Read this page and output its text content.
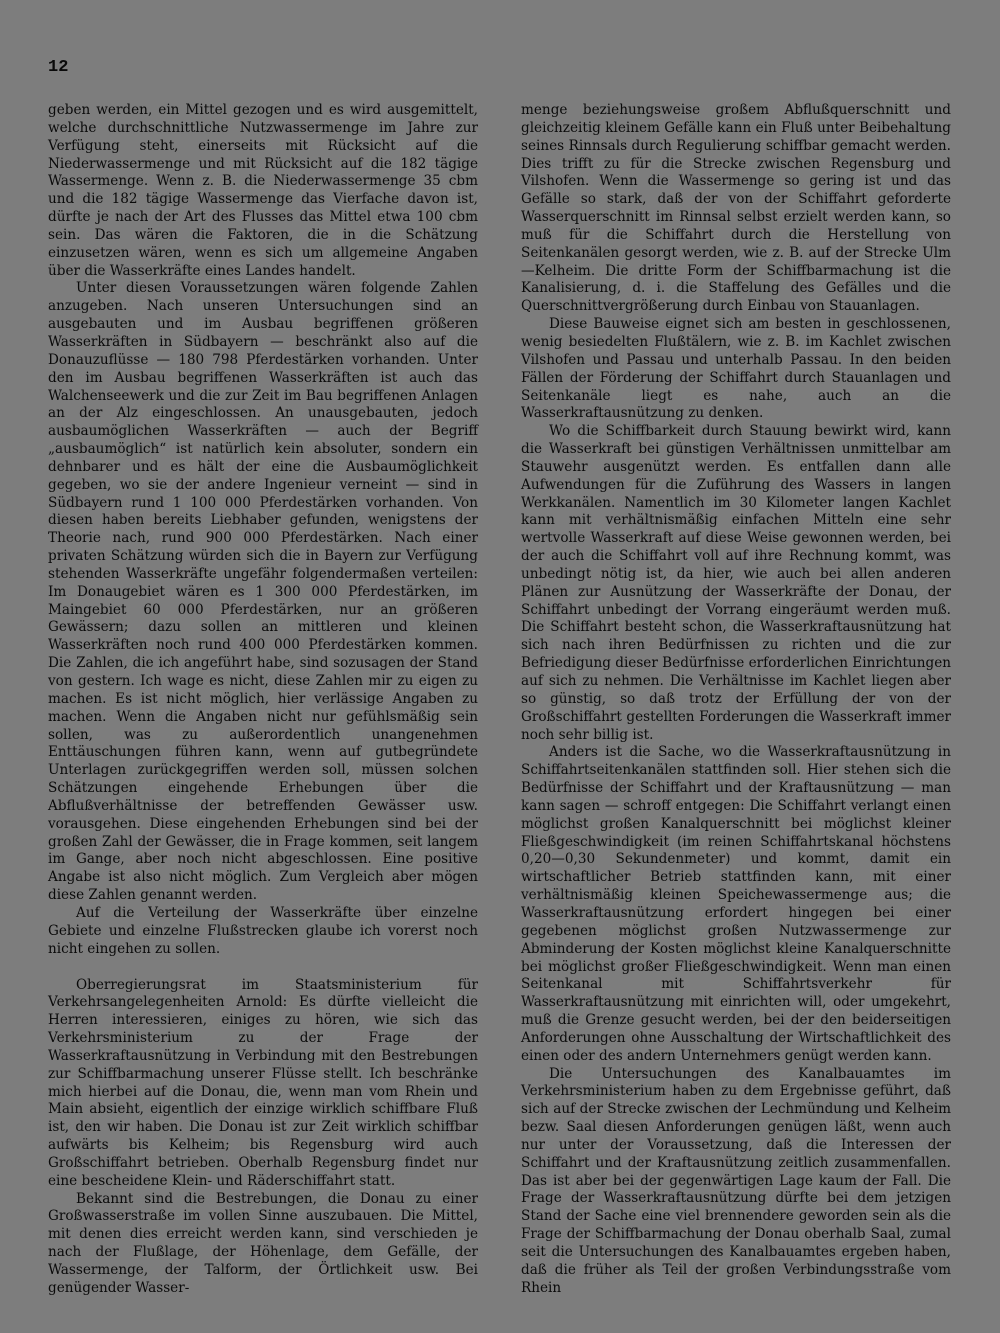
12

geben werden, ein Mittel gezogen und es wird ausgemittelt, welche durchschnittliche Nutzwassermenge im Jahre zur Verfügung steht, einerseits mit Rücksicht auf die Niederwassermenge und mit Rücksicht auf die 182 tägige Wassermenge. Wenn z. B. die Niederwassermenge 35 cbm und die 182 tägige Wassermenge das Vierfache davon ist, dürfte je nach der Art des Flusses das Mittel etwa 100 cbm sein. Das wären die Faktoren, die in die Schätzung einzusetzen wären, wenn es sich um allgemeine Angaben über die Wasserkräfte eines Landes handelt.

Unter diesen Voraussetzungen wären folgende Zahlen anzugeben. Nach unseren Untersuchungen sind an ausgebauten und im Ausbau begriffenen größeren Wasserkräften in Südbayern — beschränkt also auf die Donauzuflüsse — 180 798 Pferdestärken vorhanden. Unter den im Ausbau begriffenen Wasserkräften ist auch das Walchenseewerk und die zur Zeit im Bau begriffenen Anlagen an der Alz eingeschlossen. An unausgebauten, jedoch ausbaumöglichen Wasserkräften — auch der Begriff „ausbaumöglich“ ist natürlich kein absoluter, sondern ein dehnbarer und es hält der eine die Ausbaumöglichkeit gegeben, wo sie der andere Ingenieur verneint — sind in Südbayern rund 1 100 000 Pferdestärken vorhanden. Von diesen haben bereits Liebhaber gefunden, wenigstens der Theorie nach, rund 900 000 Pferdestärken. Nach einer privaten Schätzung würden sich die in Bayern zur Verfügung stehenden Wasserkräfte ungefähr folgendermaßen verteilen: Im Donaugebiet wären es 1 300 000 Pferdestärken, im Maingebiet 60 000 Pferdestärken, nur an größeren Gewässern; dazu sollen an mittleren und kleinen Wasserkräften noch rund 400 000 Pferdestärken kommen. Die Zahlen, die ich angeführt habe, sind sozusagen der Stand von gestern. Ich wage es nicht, diese Zahlen mir zu eigen zu machen. Es ist nicht möglich, hier verlässige Angaben zu machen. Wenn die Angaben nicht nur gefühlsmäßig sein sollen, was zu außerordentlich unangenehmen Enttäuschungen führen kann, wenn auf gutbegründete Unterlagen zurückgegriffen werden soll, müssen solchen Schätzungen eingehende Erhebungen über die Abflußverhältnisse der betreffenden Gewässer usw. vorausgehen. Diese eingehenden Erhebungen sind bei der großen Zahl der Gewässer, die in Frage kommen, seit langem im Gange, aber noch nicht abgeschlossen. Eine positive Angabe ist also nicht möglich. Zum Vergleich aber mögen diese Zahlen genannt werden.

Auf die Verteilung der Wasserkräfte über einzelne Gebiete und einzelne Flußstrecken glaube ich vorerst noch nicht eingehen zu sollen.

Oberregierungsrat im Staatsministerium für Verkehrsangelegenheiten Arnold: Es dürfte vielleicht die Herren interessieren, einiges zu hören, wie sich das Verkehrsministerium zu der Frage der Wasserkraftausnützung in Verbindung mit den Bestrebungen zur Schiffbarmachung unserer Flüsse stellt. Ich beschränke mich hierbei auf die Donau, die, wenn man vom Rhein und Main absieht, eigentlich der einzige wirklich schiffbare Fluß ist, den wir haben. Die Donau ist zur Zeit wirklich schiffbar aufwärts bis Kelheim; bis Regensburg wird auch Großschiffahrt betrieben. Oberhalb Regensburg findet nur eine bescheidene Klein- und Räderschiffahrt statt.

Bekannt sind die Bestrebungen, die Donau zu einer Großwasserstraße im vollen Sinne auszubauen. Die Mittel, mit denen dies erreicht werden kann, sind verschieden je nach der Flußlage, der Höhenlage, dem Gefälle, der Wassermenge, der Talform, der Örtlichkeit usw. Bei genügender Wasser-

menge beziehungsweise großem Abflußquerschnitt und gleichzeitig kleinem Gefälle kann ein Fluß unter Beibehaltung seines Rinnsals durch Regulierung schiffbar gemacht werden. Dies trifft zu für die Strecke zwischen Regensburg und Vilshofen. Wenn die Wassermenge so gering ist und das Gefälle so stark, daß der von der Schiffahrt geforderte Wasserquerschnitt im Rinnsal selbst erzielt werden kann, so muß für die Schiffahrt durch die Herstellung von Seitenkanälen gesorgt werden, wie z. B. auf der Strecke Ulm—Kelheim. Die dritte Form der Schiffbarmachung ist die Kanalisierung, d. i. die Staffelung des Gefälles und die Querschnittvergrößerung durch Einbau von Stauanlagen.

Diese Bauweise eignet sich am besten in geschlossenen, wenig besiedelten Flußtälern, wie z. B. im Kachlet zwischen Vilshofen und Passau und unterhalb Passau. In den beiden Fällen der Förderung der Schiffahrt durch Stauanlagen und Seitenkanäle liegt es nahe, auch an die Wasserkraftausnützung zu denken.

Wo die Schiffbarkeit durch Stauung bewirkt wird, kann die Wasserkraft bei günstigen Verhältnissen unmittelbar am Stauwehr ausgenützt werden. Es entfallen dann alle Aufwendungen für die Zuführung des Wassers in langen Werkkanälen. Namentlich im 30 Kilometer langen Kachlet kann mit verhältnismäßig einfachen Mitteln eine sehr wertvolle Wasserkraft auf diese Weise gewonnen werden, bei der auch die Schiffahrt voll auf ihre Rechnung kommt, was unbedingt nötig ist, da hier, wie auch bei allen anderen Plänen zur Ausnützung der Wasserkräfte der Donau, der Schiffahrt unbedingt der Vorrang eingeräumt werden muß. Die Schiffahrt besteht schon, die Wasserkraftausnützung hat sich nach ihren Bedürfnissen zu richten und die zur Befriedigung dieser Bedürfnisse erforderlichen Einrichtungen auf sich zu nehmen. Die Verhältnisse im Kachlet liegen aber so günstig, so daß trotz der Erfüllung der von der Großschiffahrt gestellten Forderungen die Wasserkraft immer noch sehr billig ist.

Anders ist die Sache, wo die Wasserkraftausnützung in Schiffahrtseitenkanälen stattfinden soll. Hier stehen sich die Bedürfnisse der Schiffahrt und der Kraftausnützung — man kann sagen — schroff entgegen: Die Schiffahrt verlangt einen möglichst großen Kanalquerschnitt bei möglichst kleiner Fließgeschwindigkeit (im reinen Schiffahrtskanal höchstens 0,20—0,30 Sekundenmeter) und kommt, damit ein wirtschaftlicher Betrieb stattfinden kann, mit einer verhältnismäßig kleinen Speichewassermenge aus; die Wasserkraftausnützung erfordert hingegen bei einer gegebenen möglichst großen Nutzwassermenge zur Abminderung der Kosten möglichst kleine Kanalquerschnitte bei möglichst großer Fließgeschwindigkeit. Wenn man einen Seitenkanal mit Schiffahrtsverkehr für Wasserkraftausnützung mit einrichten will, oder umgekehrt, muß die Grenze gesucht werden, bei der den beiderseitigen Anforderungen ohne Ausschaltung der Wirtschaftlichkeit des einen oder des andern Unternehmers genügt werden kann.

Die Untersuchungen des Kanalbauamtes im Verkehrsministerium haben zu dem Ergebnisse geführt, daß sich auf der Strecke zwischen der Lechmündung und Kelheim bezw. Saal diesen Anforderungen genügen läßt, wenn auch nur unter der Voraussetzung, daß die Interessen der Schiffahrt und der Kraftausnützung zeitlich zusammenfallen. Das ist aber bei der gegenwärtigen Lage kaum der Fall. Die Frage der Wasserkraftausnützung dürfte bei dem jetzigen Stand der Sache eine viel brennendere geworden sein als die Frage der Schiffbarmachung der Donau oberhalb Saal, zumal seit die Untersuchungen des Kanalbauamtes ergeben haben, daß die früher als Teil der großen Verbindungsstraße vom Rhein
